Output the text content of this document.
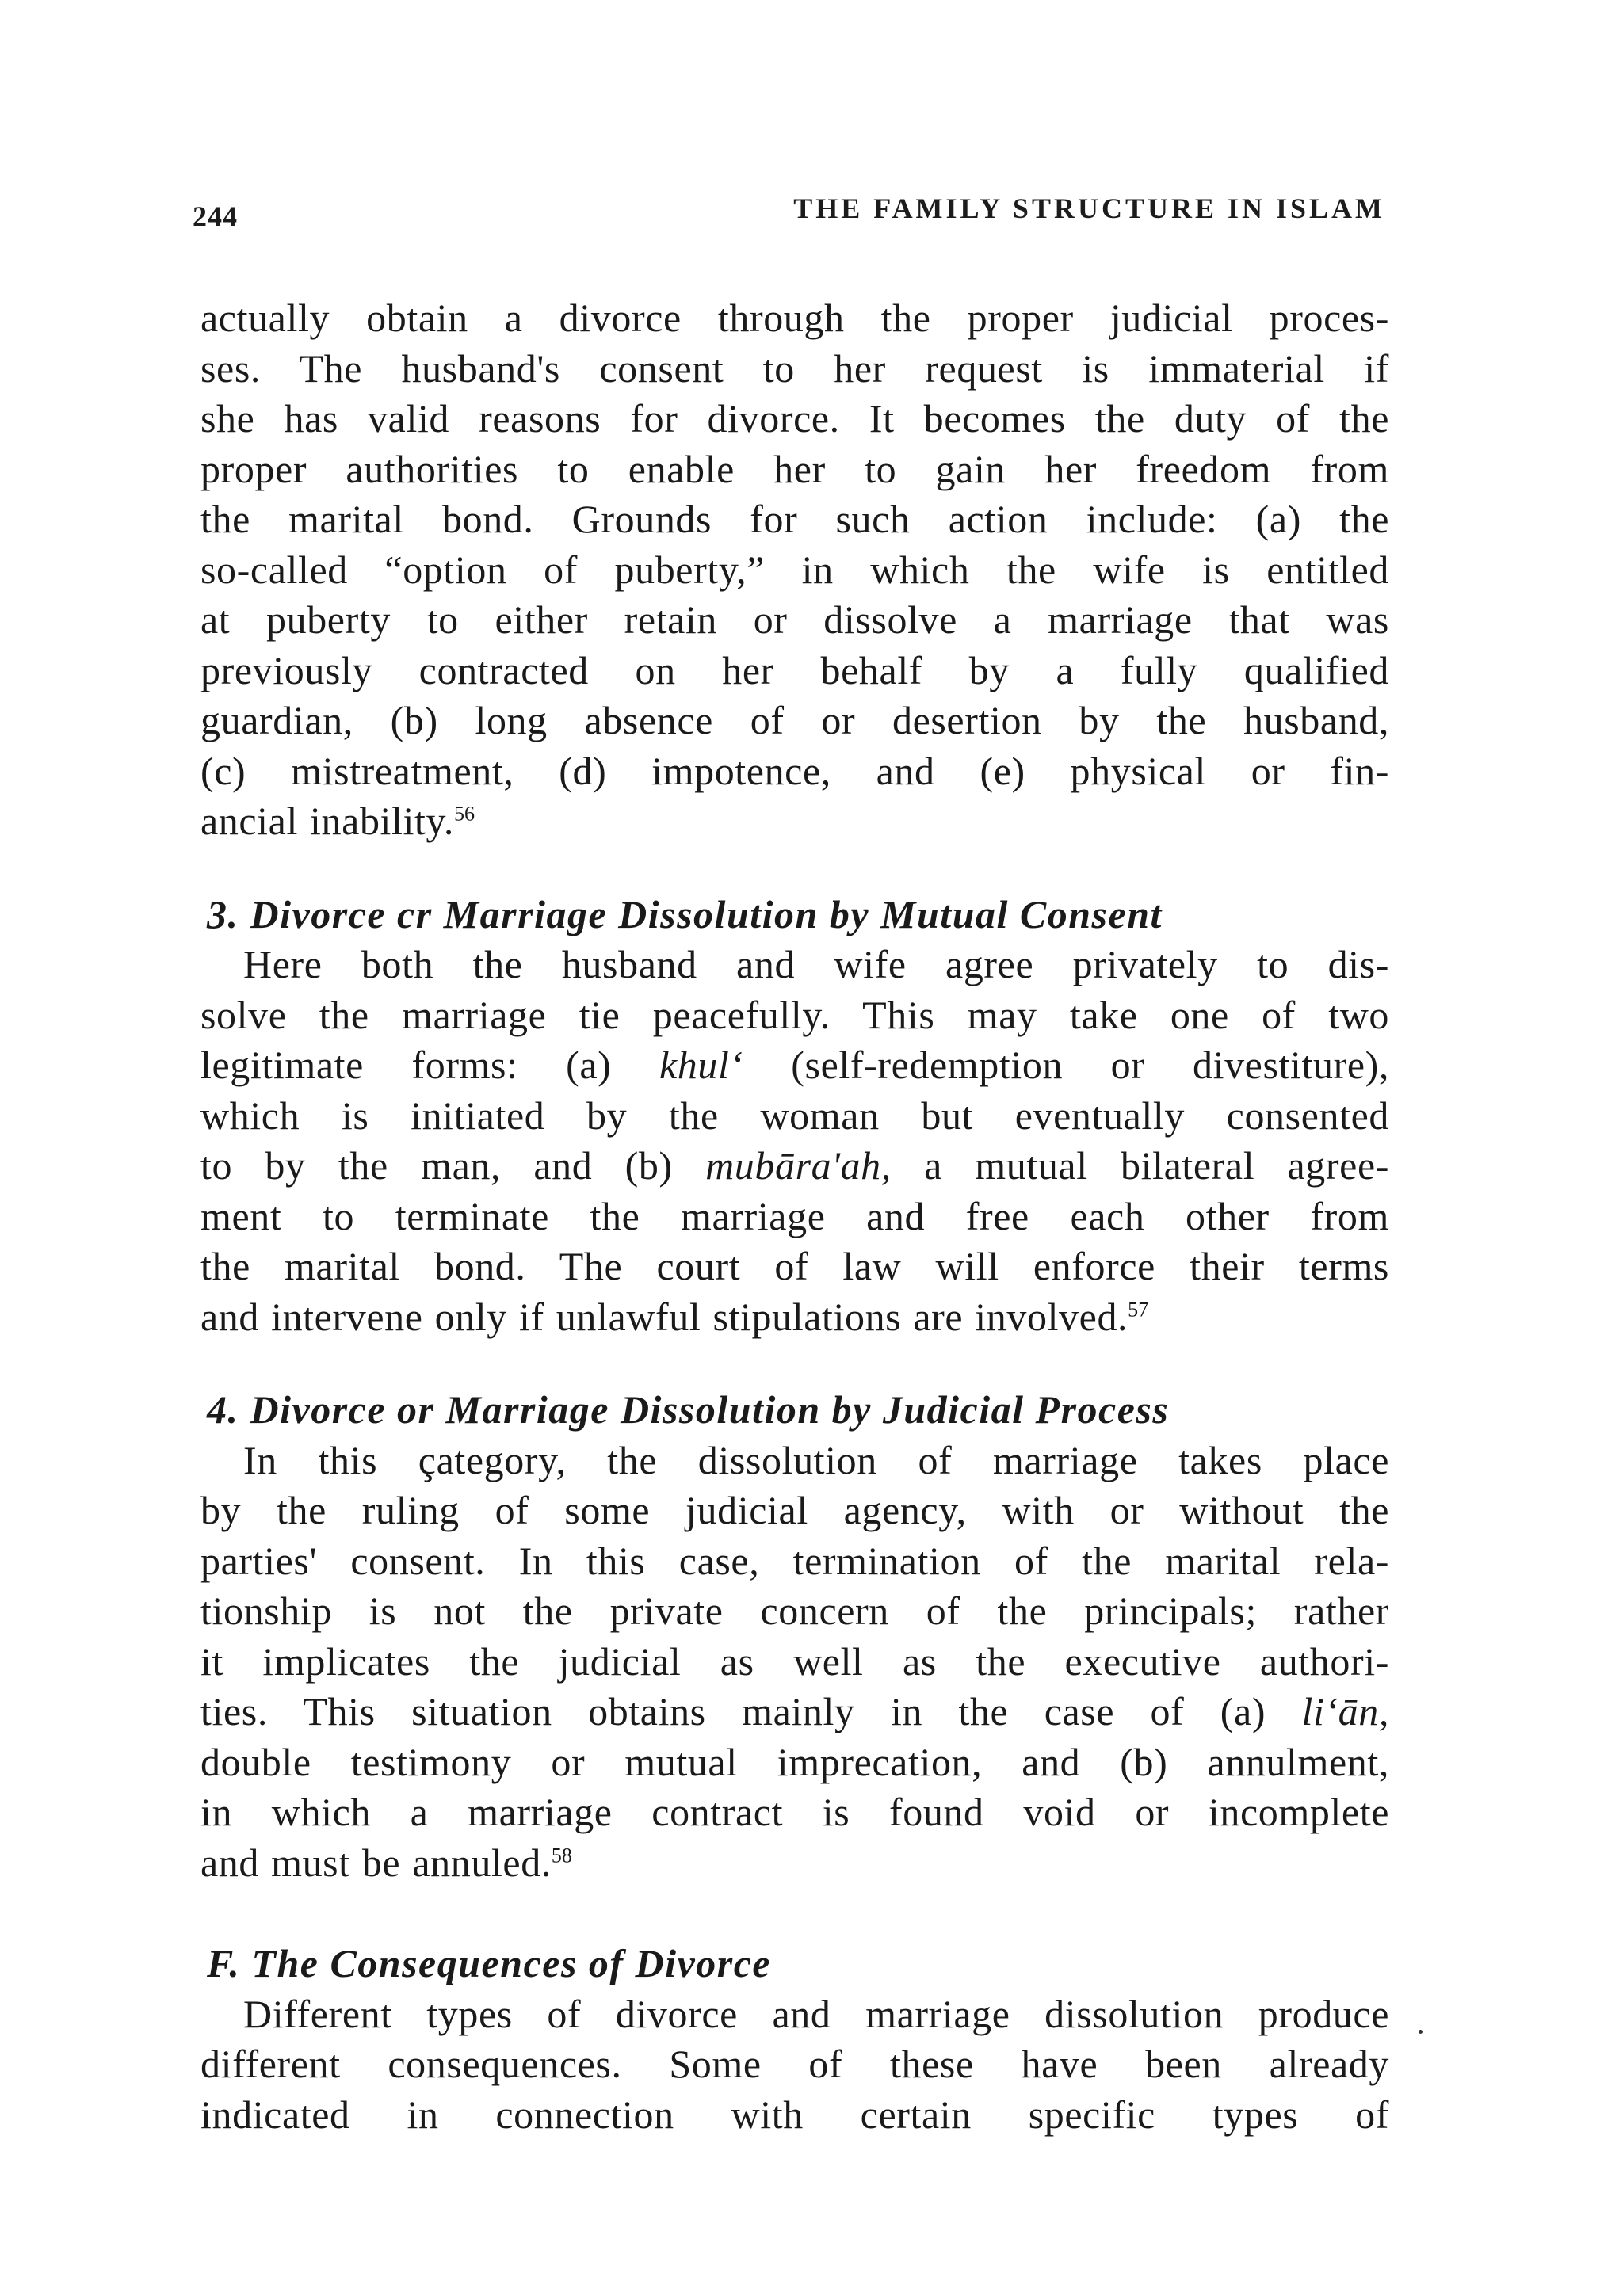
244	THE FAMILY STRUCTURE IN ISLAM

actually obtain a divorce through the proper judicial proces-
ses. The husband's consent to her request is immaterial if
she has valid reasons for divorce. It becomes the duty of the
proper authorities to enable her to gain her freedom from
the marital bond. Grounds for such action include: (a) the
so-called “option of puberty,” in which the wife is entitled
at puberty to either retain or dissolve a marriage that was
previously contracted on her behalf by a fully qualified
guardian, (b) long absence of or desertion by the husband,
(c) mistreatment, (d) impotence, and (e) physical or fin-
ancial inability.$^{56}$

3. Divorce cr Marriage Dissolution by Mutual Consent

Here both the husband and wife agree privately to dis-
solve the marriage tie peacefully. This may take one of two
legitimate forms: (a) khul‘ (self-redemption or divestiture),
which is initiated by the woman but eventually consented
to by the man, and (b) mubāra'ah, a mutual bilateral agree-
ment to terminate the marriage and free each other from
the marital bond. The court of law will enforce their terms
and intervene only if unlawful stipulations are involved.$^{57}$

4. Divorce or Marriage Dissolution by Judicial Process

In this çategory, the dissolution of marriage takes place
by the ruling of some judicial agency, with or without the
parties' consent. In this case, termination of the marital rela-
tionship is not the private concern of the principals; rather
it implicates the judicial as well as the executive authori-
ties. This situation obtains mainly in the case of (a) li‘ān,
double testimony or mutual imprecation, and (b) annulment,
in which a marriage contract is found void or incomplete
and must be annuled.$^{58}$

F. The Consequences of Divorce

Different types of divorce and marriage dissolution produce
different consequences. Some of these have been already
indicated in connection with certain specific types of
